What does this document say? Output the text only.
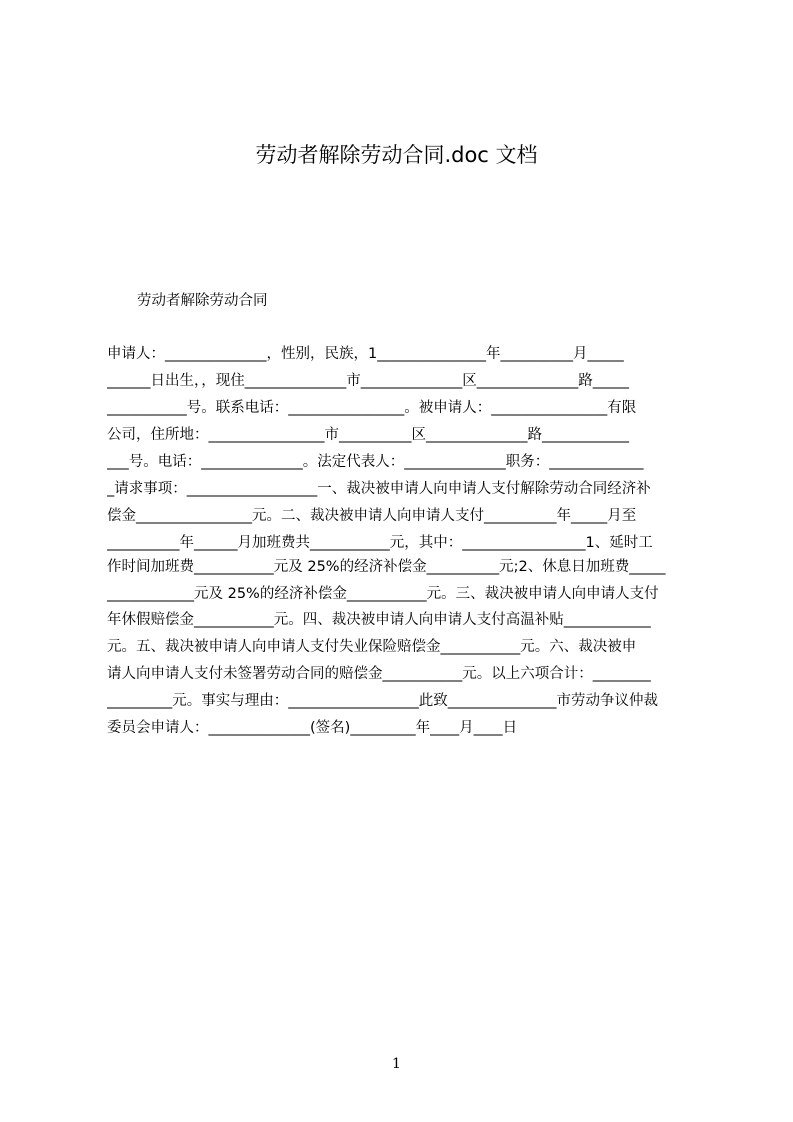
劳动者解除劳动合同.doc 文档
劳动者解除劳动合同
申请人：______________，性别，民族，1_______________年__________月_____
______日出生，，现住______________市______________区______________路_____
___________号。联系电话：________________。被申请人：________________有限
公司，住所地：________________市__________区______________路____________
___号。电话：______________。法定代表人：______________职务：_____________
_请求事项：__________________一、裁决被申请人向申请人支付解除劳动合同经济补
偿金________________元。二、裁决被申请人向申请人支付__________年_____月至
__________年______月加班费共___________元，其中：_________________1、延时工
作时间加班费___________元及 25%的经济补偿金__________元;2、休息日加班费_____
____________元及 25%的经济补偿金___________元。三、裁决被申请人向申请人支付
年休假赔偿金___________元。四、裁决被申请人向申请人支付高温补贴____________
元。五、裁决被申请人向申请人支付失业保险赔偿金___________元。六、裁决被申
请人向申请人支付未签署劳动合同的赔偿金___________元。以上六项合计：________
_________元。事实与理由：__________________此致_______________市劳动争议仲裁
委员会申请人：______________(签名)_________年____月____日
1
